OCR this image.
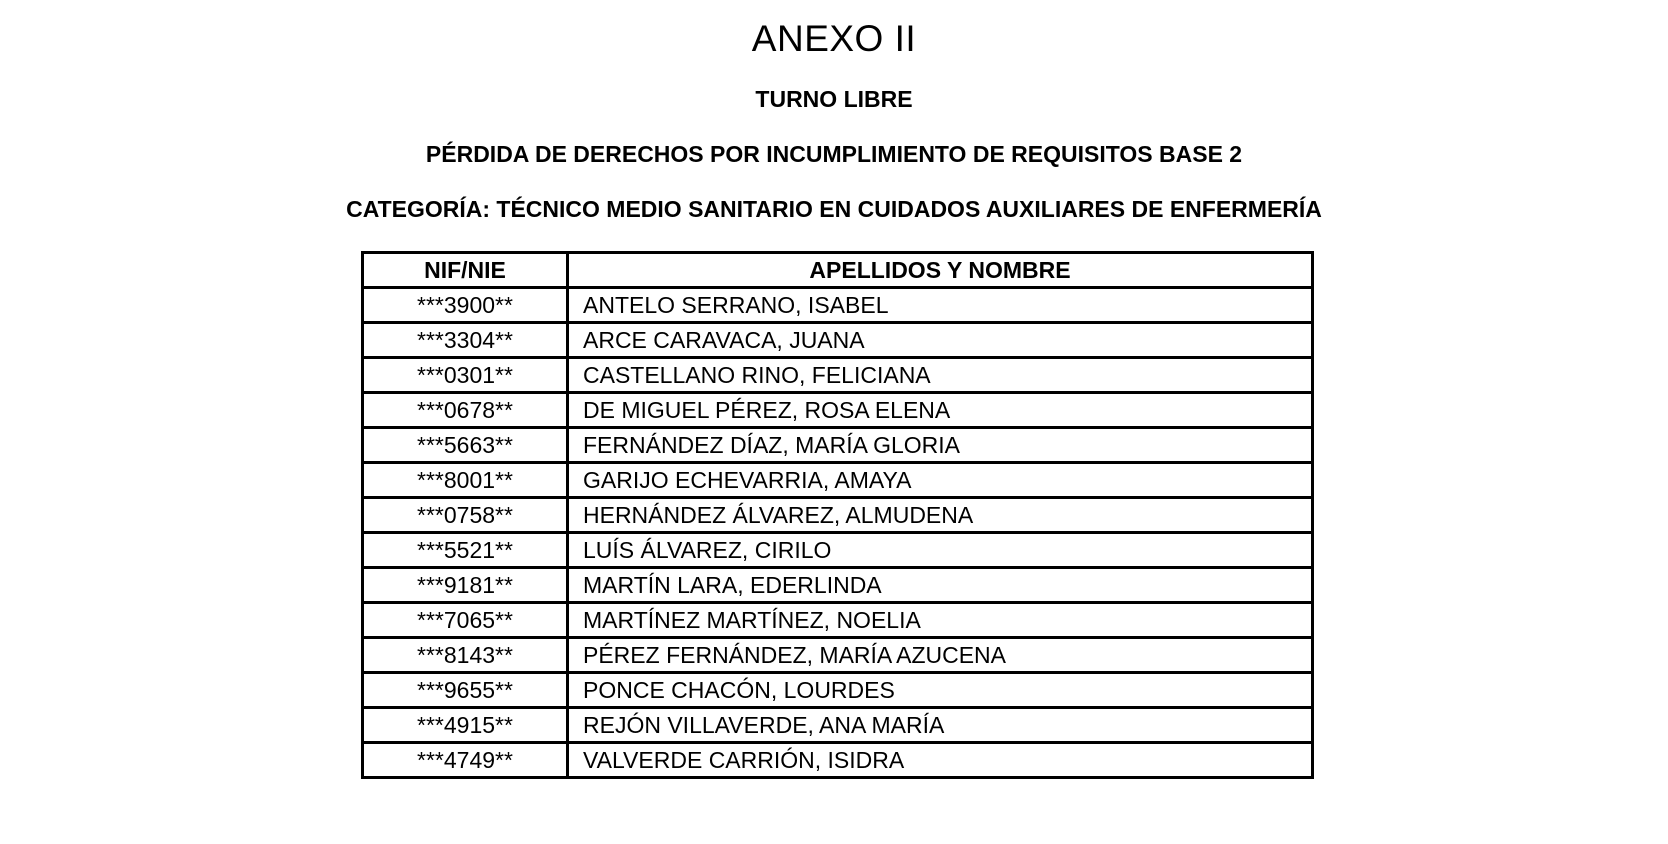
ANEXO II
TURNO LIBRE
PÉRDIDA DE DERECHOS POR INCUMPLIMIENTO DE REQUISITOS BASE 2
CATEGORÍA: TÉCNICO MEDIO SANITARIO EN CUIDADOS AUXILIARES DE ENFERMERÍA
NIF/NIE	APELLIDOS Y NOMBRE
***3900**	ANTELO SERRANO, ISABEL
***3304**	ARCE CARAVACA, JUANA
***0301**	CASTELLANO RINO, FELICIANA
***0678**	DE MIGUEL PÉREZ, ROSA ELENA
***5663**	FERNÁNDEZ DÍAZ, MARÍA GLORIA
***8001**	GARIJO ECHEVARRIA, AMAYA
***0758**	HERNÁNDEZ ÁLVAREZ, ALMUDENA
***5521**	LUÍS ÁLVAREZ, CIRILO
***9181**	MARTÍN LARA, EDERLINDA
***7065**	MARTÍNEZ MARTÍNEZ, NOELIA
***8143**	PÉREZ FERNÁNDEZ, MARÍA AZUCENA
***9655**	PONCE CHACÓN, LOURDES
***4915**	REJÓN VILLAVERDE, ANA MARÍA
***4749**	VALVERDE CARRIÓN, ISIDRA
